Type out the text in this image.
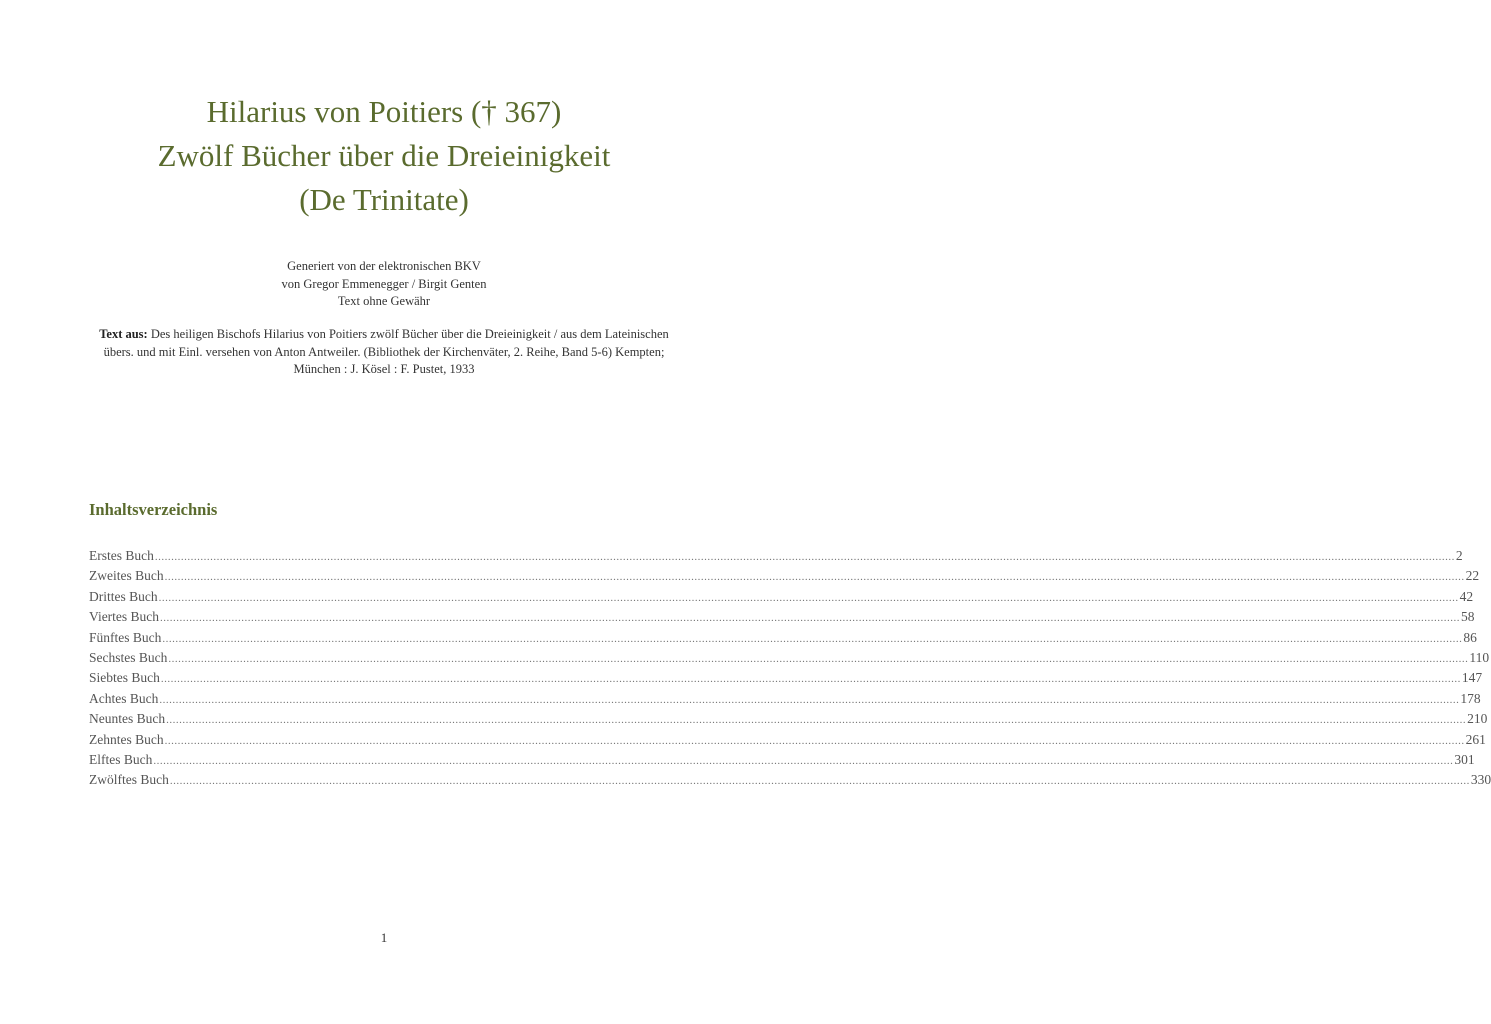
Hilarius von Poitiers († 367)
Zwölf Bücher über die Dreieinigkeit
(De Trinitate)
Generiert von der elektronischen BKV
von Gregor Emmenegger / Birgit Genten
Text ohne Gewähr
Text aus: Des heiligen Bischofs Hilarius von Poitiers zwölf Bücher über die Dreieinigkeit / aus dem Lateinischen übers. und mit Einl. versehen von Anton Antweiler. (Bibliothek der Kirchenväter, 2. Reihe, Band 5-6) Kempten; München : J. Kösel : F. Pustet, 1933
Inhaltsverzeichnis
Erstes Buch ................................................................................................................................................................................................................................................................................................................................................................................................................ 2
Zweites Buch ................................................................................................................................................................................................................................................................................................................................................................................................................ 22
Drittes Buch ................................................................................................................................................................................................................................................................................................................................................................................................................ 42
Viertes Buch ................................................................................................................................................................................................................................................................................................................................................................................................................ 58
Fünftes Buch ................................................................................................................................................................................................................................................................................................................................................................................................................ 86
Sechstes Buch ................................................................................................................................................................................................................................................................................................................................................................................................................ 110
Siebtes Buch ................................................................................................................................................................................................................................................................................................................................................................................................................ 147
Achtes Buch ................................................................................................................................................................................................................................................................................................................................................................................................................ 178
Neuntes Buch ................................................................................................................................................................................................................................................................................................................................................................................................................ 210
Zehntes Buch ................................................................................................................................................................................................................................................................................................................................................................................................................ 261
Elftes Buch ................................................................................................................................................................................................................................................................................................................................................................................................................ 301
Zwölftes Buch ................................................................................................................................................................................................................................................................................................................................................................................................................ 330
1
